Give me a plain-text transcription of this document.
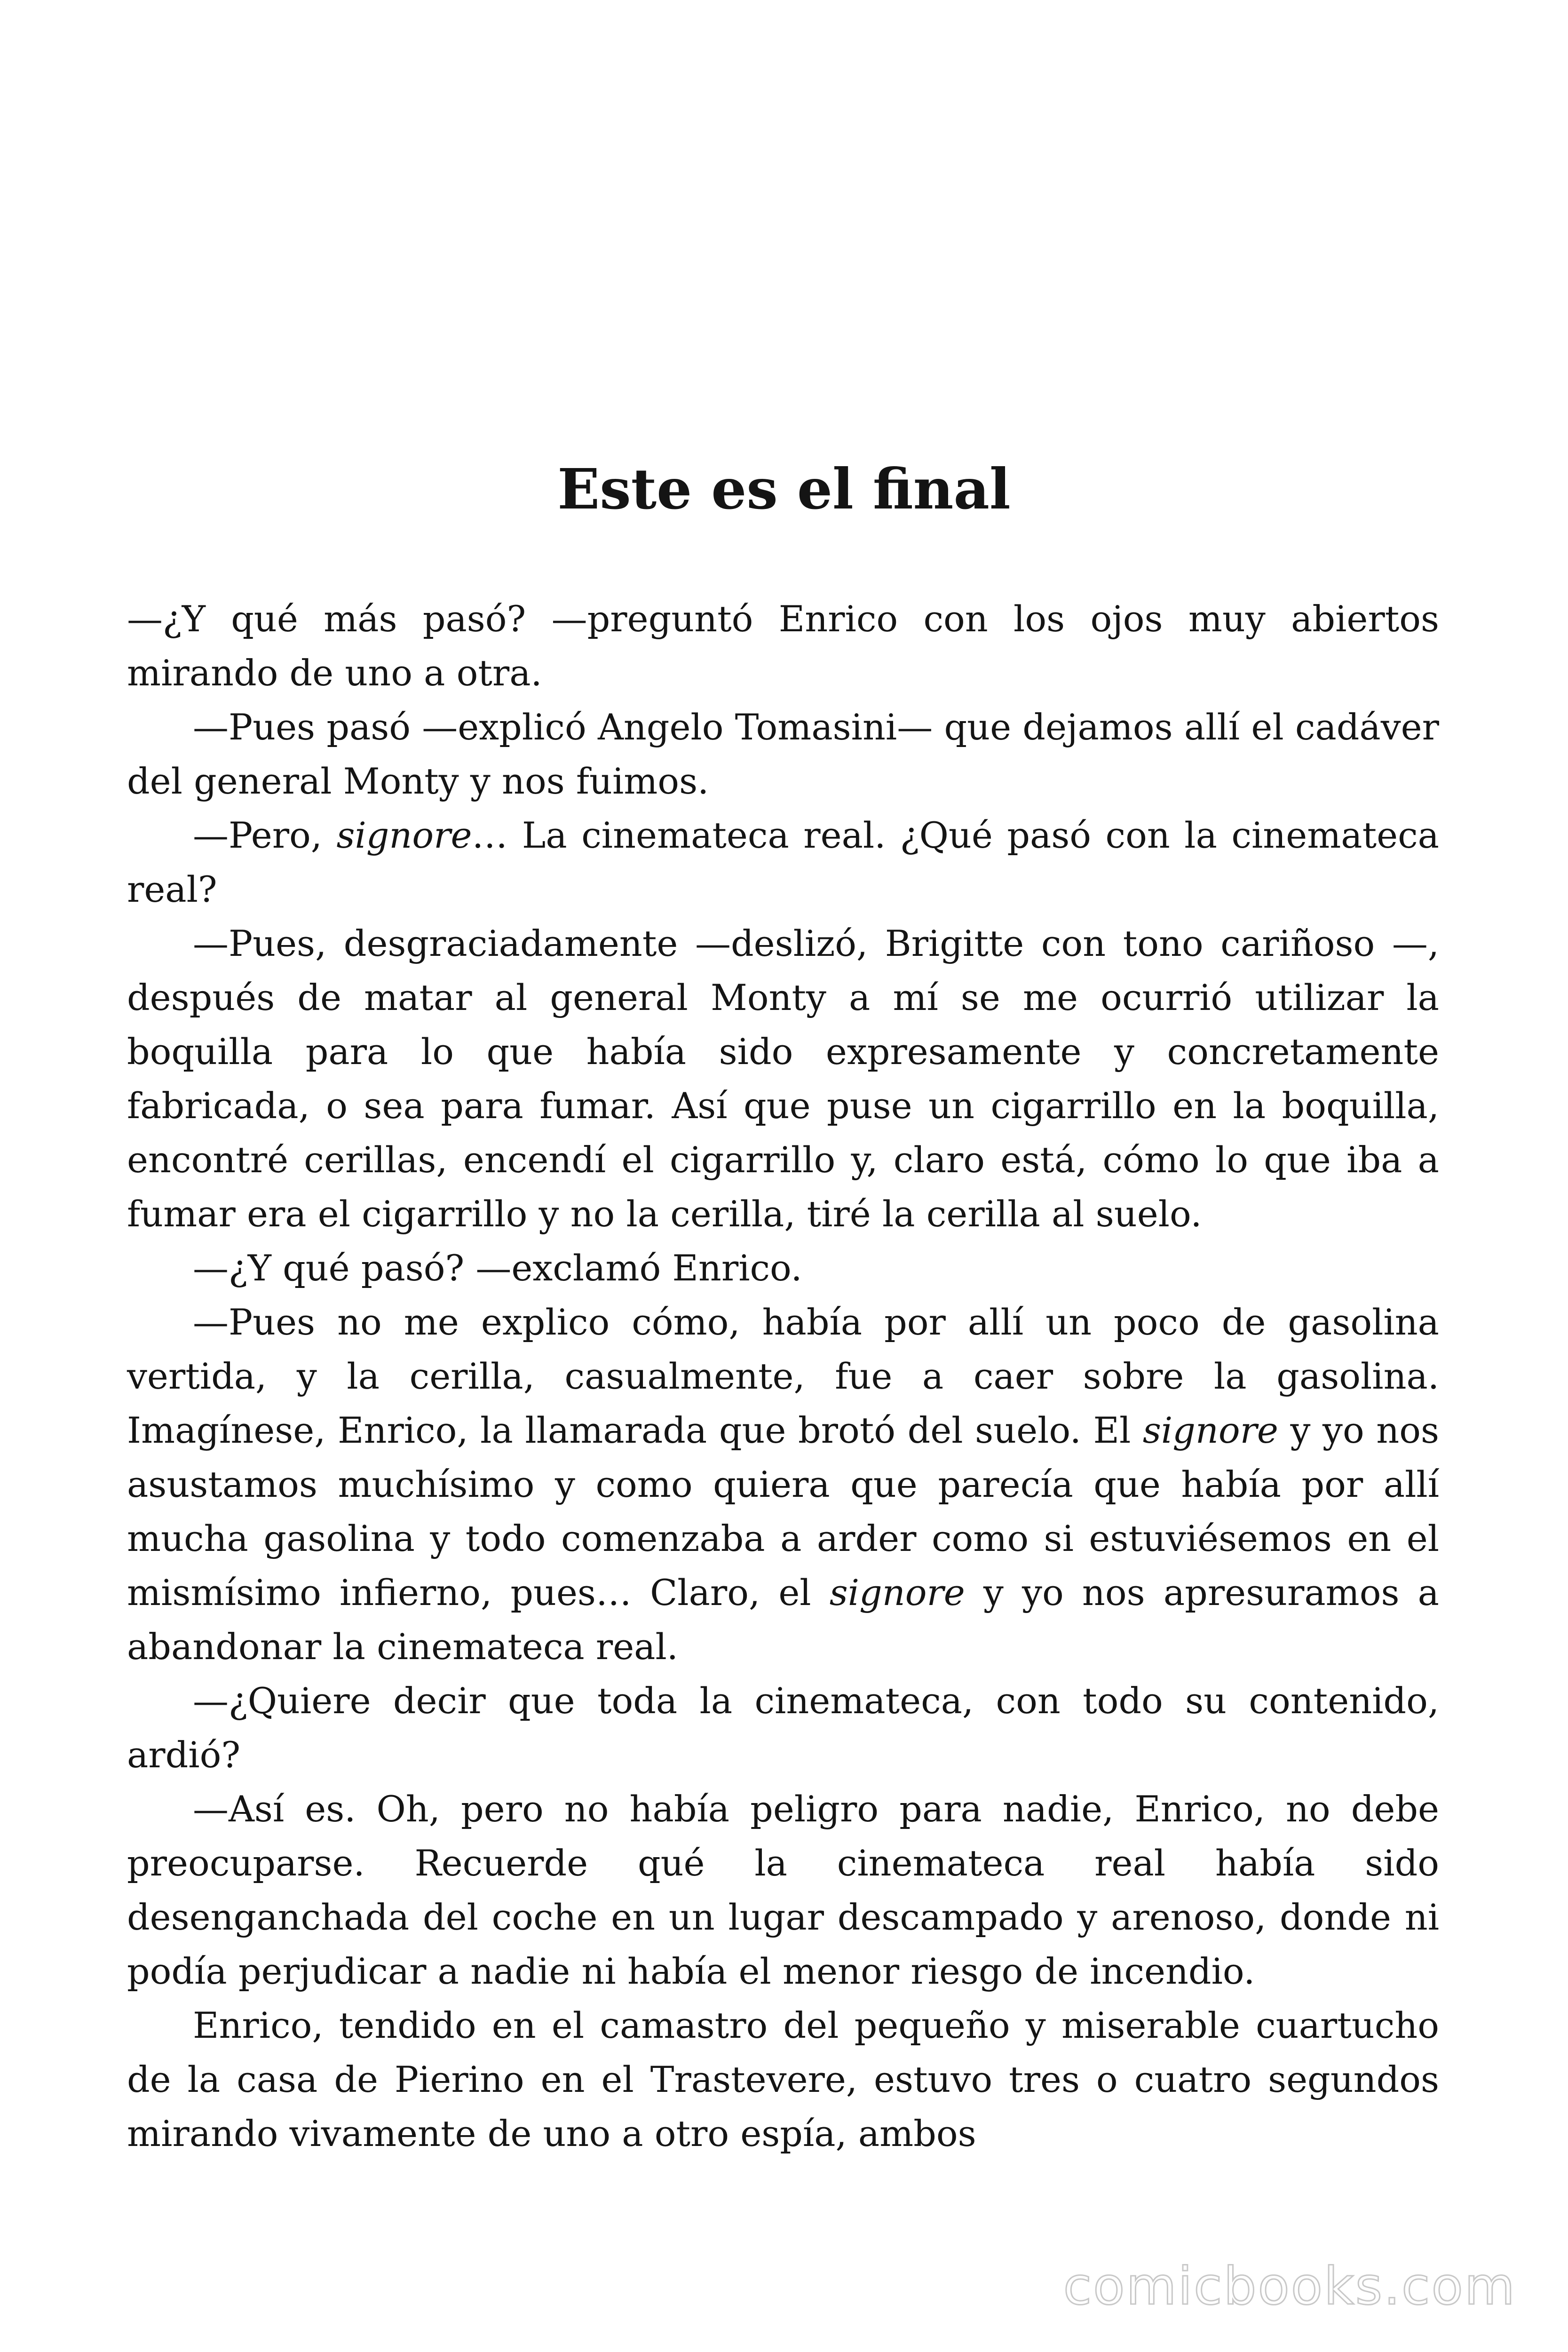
Este es el final

—¿Y qué más pasó? —preguntó Enrico con los ojos muy abiertos mirando de uno a otra.

—Pues pasó —explicó Angelo Tomasini— que dejamos allí el cadáver del general Monty y nos fuimos.

—Pero, signore… La cinemateca real. ¿Qué pasó con la cinemateca real?

—Pues, desgraciadamente —deslizó, Brigitte con tono cariñoso —, después de matar al general Monty a mí se me ocurrió utilizar la boquilla para lo que había sido expresamente y concretamente fabricada, o sea para fumar. Así que puse un cigarrillo en la boquilla, encontré cerillas, encendí el cigarrillo y, claro está, cómo lo que iba a fumar era el cigarrillo y no la cerilla, tiré la cerilla al suelo.

—¿Y qué pasó? —exclamó Enrico.

—Pues no me explico cómo, había por allí un poco de gasolina vertida, y la cerilla, casualmente, fue a caer sobre la gasolina. Imagínese, Enrico, la llamarada que brotó del suelo. El signore y yo nos asustamos muchísimo y como quiera que parecía que había por allí mucha gasolina y todo comenzaba a arder como si estuviésemos en el mismísimo infierno, pues… Claro, el signore y yo nos apresuramos a abandonar la cinemateca real.

—¿Quiere decir que toda la cinemateca, con todo su contenido, ardió?

—Así es. Oh, pero no había peligro para nadie, Enrico, no debe preocuparse. Recuerde qué la cinemateca real había sido desenganchada del coche en un lugar descampado y arenoso, donde ni podía perjudicar a nadie ni había el menor riesgo de incendio.

Enrico, tendido en el camastro del pequeño y miserable cuartucho de la casa de Pierino en el Trastevere, estuvo tres o cuatro segundos mirando vivamente de uno a otro espía, ambos

comicbooks.com
